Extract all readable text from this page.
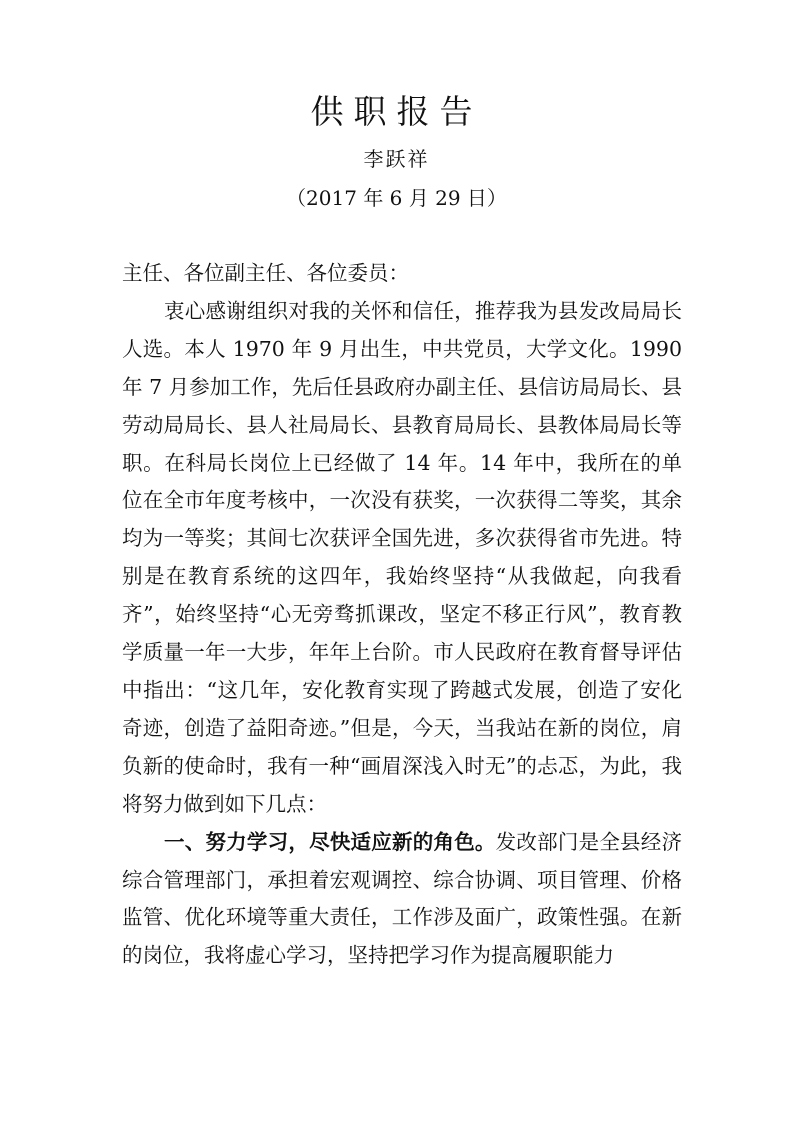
供职报告
李跃祥
（2017 年 6 月 29 日）

主任、各位副主任、各位委员：

衷心感谢组织对我的关怀和信任，推荐我为县发改局局长人选。本人 1970 年 9 月出生，中共党员，大学文化。1990 年 7 月参加工作，先后任县政府办副主任、县信访局局长、县劳动局局长、县人社局局长、县教育局局长、县教体局局长等职。在科局长岗位上已经做了 14 年。14 年中，我所在的单位在全市年度考核中，一次没有获奖，一次获得二等奖，其余均为一等奖；其间七次获评全国先进，多次获得省市先进。特别是在教育系统的这四年，我始终坚持“从我做起，向我看齐”，始终坚持“心无旁骛抓课改，坚定不移正行风”，教育教学质量一年一大步，年年上台阶。市人民政府在教育督导评估中指出：“这几年，安化教育实现了跨越式发展，创造了安化奇迹，创造了益阳奇迹。”但是，今天，当我站在新的岗位，肩负新的使命时，我有一种“画眉深浅入时无”的忐忑，为此，我将努力做到如下几点：

一、努力学习，尽快适应新的角色。发改部门是全县经济综合管理部门，承担着宏观调控、综合协调、项目管理、价格监管、优化环境等重大责任，工作涉及面广，政策性强。在新的岗位，我将虚心学习，坚持把学习作为提高履职能力
